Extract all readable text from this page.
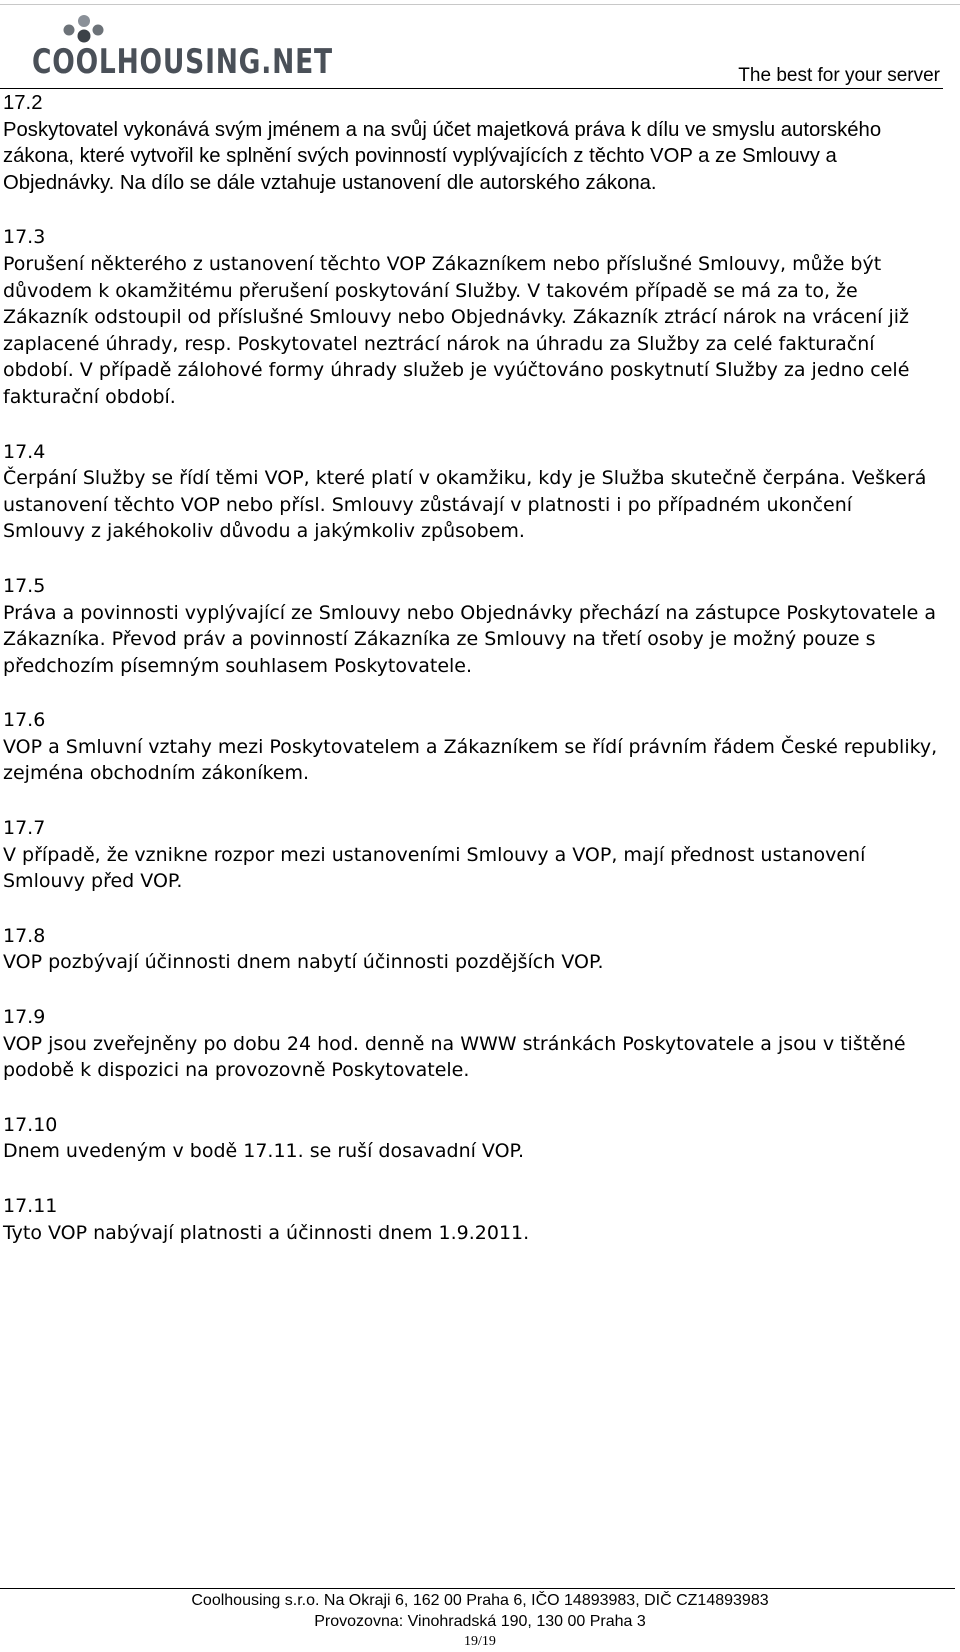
COOLHOUSING.NET	The best for your server
17.2
Poskytovatel vykonává svým jménem a na svůj účet majetková práva k dílu ve smyslu autorského zákona, které vytvořil ke splnění svých povinností vyplývajících z těchto VOP a ze Smlouvy a Objednávky. Na dílo se dále vztahuje ustanovení dle autorského zákona.
17.3
Porušení některého z ustanovení těchto VOP Zákazníkem nebo příslušné Smlouvy, může být důvodem k okamžitému přerušení poskytování Služby. V takovém případě se má za to, že Zákazník odstoupil od příslušné Smlouvy nebo Objednávky. Zákazník ztrácí nárok na vrácení již zaplacené úhrady, resp. Poskytovatel neztrácí nárok na úhradu za Služby za celé fakturační období. V případě zálohové formy úhrady služeb je vyúčtováno poskytnutí Služby za jedno celé fakturační období.
17.4
Čerpání Služby se řídí těmi VOP, které platí v okamžiku, kdy je Služba skutečně čerpána. Veškerá ustanovení těchto VOP nebo přísl. Smlouvy zůstávají v platnosti i po případném ukončení Smlouvy z jakéhokoliv důvodu a jakýmkoliv způsobem.
17.5
Práva a povinnosti vyplývající ze Smlouvy nebo Objednávky přechází na zástupce Poskytovatele a Zákazníka. Převod práv a povinností Zákazníka ze Smlouvy na třetí osoby je možný pouze s předchozím písemným souhlasem Poskytovatele.
17.6
VOP a Smluvní vztahy mezi Poskytovatelem a Zákazníkem se řídí právním řádem České republiky, zejména obchodním zákoníkem.
17.7
V případě, že vznikne rozpor mezi ustanoveními Smlouvy a VOP, mají přednost ustanovení Smlouvy před VOP.
17.8
VOP pozbývají účinnosti dnem nabytí účinnosti pozdějších VOP.
17.9
VOP jsou zveřejněny po dobu 24 hod. denně na WWW stránkách Poskytovatele a jsou v tištěné podobě k dispozici na provozovně Poskytovatele.
17.10
Dnem uvedeným v bodě 17.11. se ruší dosavadní VOP.
17.11
Tyto VOP nabývají platnosti a účinnosti dnem 1.9.2011.
Coolhousing s.r.o. Na Okraji 6, 162 00 Praha 6, IČO 14893983, DIČ CZ14893983
Provozovna: Vinohradská 190, 130 00 Praha 3
19/19
